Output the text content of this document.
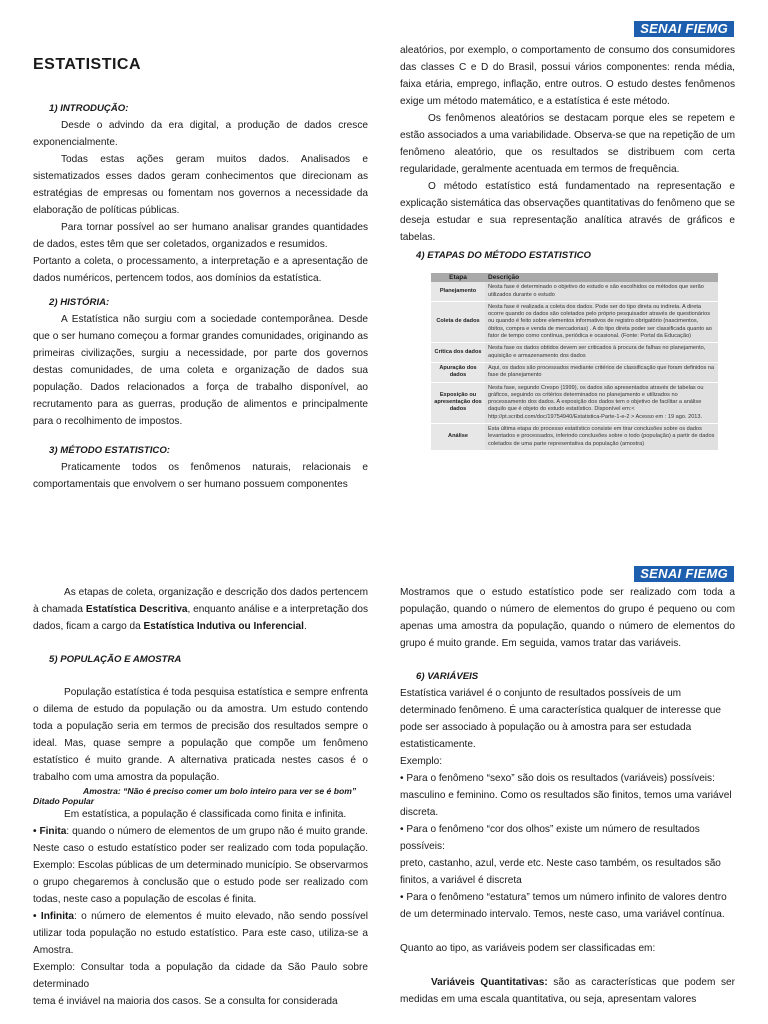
SENAI FIEMG

ESTATISTICA

1) INTRODUÇÃO:

Desde o advindo da era digital, a produção de dados cresce exponencialmente.

Todas estas ações geram muitos dados. Analisados e sistematizados esses dados geram conhecimentos que direcionam as estratégias de empresas ou fomentam nos governos a necessidade da elaboração de políticas públicas.

Para tornar possível ao ser humano analisar grandes quantidades de dados, estes têm que ser coletados, organizados e resumidos.

Portanto a coleta, o processamento, a interpretação e a apresentação de dados numéricos, pertencem todos, aos domínios da estatística.

2) HISTÓRIA:

A Estatística não surgiu com a sociedade contemporânea. Desde que o ser humano começou a formar grandes comunidades, originando as primeiras civilizações, surgiu a necessidade, por parte dos governos destas comunidades, de uma coleta e organização de dados sua população. Dados relacionados a força de trabalho disponível, ao recrutamento para as guerras, produção de alimentos e principalmente para o recolhimento de impostos.

3) MÉTODO ESTATISTICO:

Praticamente todos os fenômenos naturais, relacionais e comportamentais que envolvem o ser humano possuem componentes

aleatórios, por exemplo, o comportamento de consumo dos consumidores das classes C e D do Brasil, possui vários componentes: renda média, faixa etária, emprego, inflação, entre outros. O estudo destes fenômenos exige um método matemático, e a estatística é este método.

Os fenômenos aleatórios se destacam porque eles se repetem e estão associados a uma variabilidade. Observa-se que na repetição de um fenômeno aleatório, que os resultados se distribuem com certa regularidade, geralmente acentuada em termos de frequência.

O método estatístico está fundamentado na representação e explicação sistemática das observações quantitativas do fenômeno que se deseja estudar e sua representação analítica através de gráficos e tabelas.

4) ETAPAS DO MÉTODO ESTATISTICO

Etapa	Descrição
Planejamento	Nesta fase é determinado o objetivo do estudo e são escolhidos os métodos que serão utilizados durante o estudo
Coleta de dados	Nesta fase é realizada a coleta dos dados. Pode ser do tipo direta ou indireta. A direta ocorre quando os dados são coletados pelo próprio pesquisador através de questionários ou quando é feito sobre elementos informativos de registro obrigatório (nascimentos, óbitos, compra e venda de mercadorias) . A do tipo direta poder ser classificada quanto ao fator de tempo como contínua, periódica e ocasional. (Fonte: Portal da Educação)
Crítica dos dados	Nesta fase os dados obtidos devem ser criticados à procura de falhas no planejamento, aquisição e armazenamento dos dados
Apuração dos dados	Aqui, os dados são processados mediante critérios de classificação que foram definidos na fase de planejamento
Exposição ou apresentação dos dados	Nesta fase, segundo Crespo (1999), os dados são apresentados através de tabelas ou gráficos, seguindo os critérios determinados no planejamento e utilizados no processamento dos dados. A exposição dos dados tem o objetivo de facilitar a análise daquilo que é objeto do estudo estatístico. Disponível em:< http://pt.scribd.com/doc/19754940/Estatistica-Parte-1-e-2 > Acesso em : 19 ago. 2013.
Análise	Esta última etapa do processo estatístico consiste em tirar conclusões sobre os dados levantados e processados, inferindo conclusões sobre o todo (população) a partir de dados coletados de uma parte representativa da população (amostra)
SENAI FIEMG

As etapas de coleta, organização e descrição dos dados pertencem à chamada Estatística Descritiva, enquanto análise e a interpretação dos dados, ficam a cargo da Estatística Indutiva ou Inferencial.

5) POPULAÇÃO E AMOSTRA

População estatística é toda pesquisa estatística e sempre enfrenta o dilema de estudo da população ou da amostra. Um estudo contendo toda a população seria em termos de precisão dos resultados sempre o ideal. Mas, quase sempre a população que compõe um fenômeno estatístico é muito grande. A alternativa praticada nestes casos é o trabalho com uma amostra da população.

Amostra: “Não é preciso comer um bolo inteiro para ver se é bom”

Ditado Popular

Em estatística, a população é classificada como finita e infinita.

• Finita: quando o número de elementos de um grupo não é muito grande. Neste caso o estudo estatístico poder ser realizado com toda população. Exemplo: Escolas públicas de um determinado município. Se observarmos o grupo chegaremos à conclusão que o estudo pode ser realizado com todas, neste caso a população de escolas é finita.

• Infinita: o número de elementos é muito elevado, não sendo possível utilizar toda população no estudo estatístico. Para este caso, utiliza-se a Amostra.

Exemplo: Consultar toda a população da cidade da São Paulo sobre determinado

tema é inviável na maioria dos casos. Se a consulta for considerada

Mostramos que o estudo estatístico pode ser realizado com toda a população, quando o número de elementos do grupo é pequeno ou com apenas uma amostra da população, quando o número de elementos do grupo é muito grande. Em seguida, vamos tratar das variáveis.

6) VARIÁVEIS

Estatística variável é o conjunto de resultados possíveis de um determinado fenômeno. É uma característica qualquer de interesse que pode ser associado à população ou à amostra para ser estudada estatisticamente.

Exemplo:

• Para o fenômeno “sexo” são dois os resultados (variáveis) possíveis: masculino e feminino. Como os resultados são finitos, temos uma variável discreta.

• Para o fenômeno “cor dos olhos” existe um número de resultados possíveis:

preto, castanho, azul, verde etc. Neste caso também, os resultados são finitos, a variável é discreta

• Para o fenômeno “estatura” temos um número infinito de valores dentro de um determinado intervalo. Temos, neste caso, uma variável contínua.

Quanto ao tipo, as variáveis podem ser classificadas em:

Variáveis Quantitativas: são as características que podem ser medidas em uma escala quantitativa, ou seja, apresentam valores
